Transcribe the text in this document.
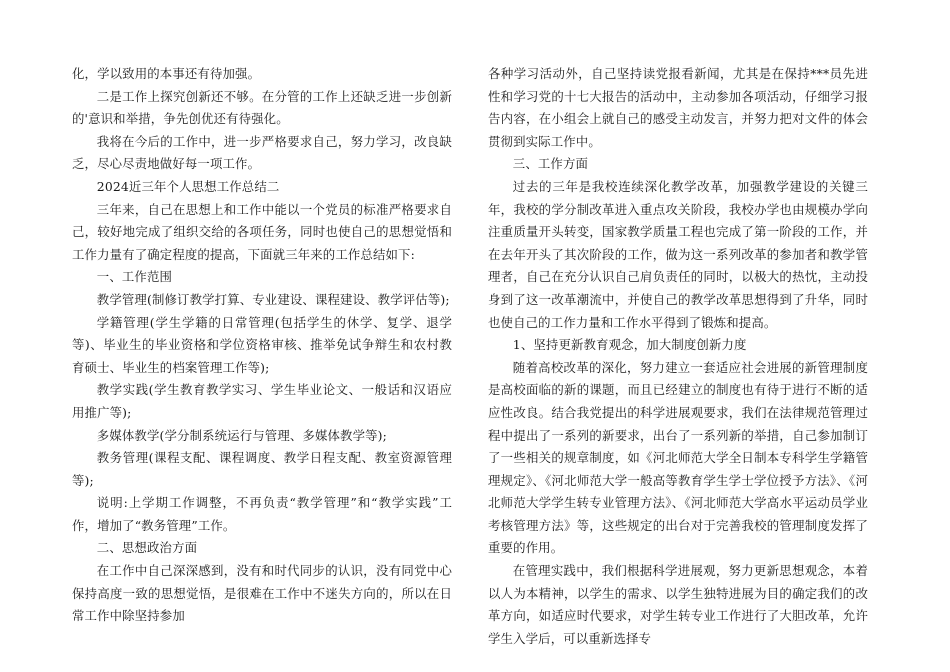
化，学以致用的本事还有待加强。

二是工作上探究创新还不够。在分管的工作上还缺乏进一步创新的'意识和举措，争先创优还有待强化。

我将在今后的工作中，进一步严格要求自己，努力学习，改良缺乏，尽心尽责地做好每一项工作。

2024近三年个人思想工作总结二

三年来，自己在思想上和工作中能以一个党员的标准严格要求自己，较好地完成了组织交给的各项任务，同时也使自己的思想觉悟和工作力量有了确定程度的提高，下面就三年来的工作总结如下:

一、工作范围

教学管理(制修订教学打算、专业建设、课程建设、教学评估等);

学籍管理(学生学籍的日常管理(包括学生的休学、复学、退学等)、毕业生的毕业资格和学位资格审核、推举免试争辩生和农村教育硕士、毕业生的档案管理工作等);

教学实践(学生教育教学实习、学生毕业论文、一般话和汉语应用推广等);

多媒体教学(学分制系统运行与管理、多媒体教学等);

教务管理(课程支配、课程调度、教学日程支配、教室资源管理等);

说明:上学期工作调整，不再负责“教学管理”和“教学实践”工作，增加了“教务管理”工作。

二、思想政治方面

在工作中自己深深感到，没有和时代同步的认识，没有同党中心保持高度一致的思想觉悟，是很难在工作中不迷失方向的，所以在日常工作中除坚持参加

各种学习活动外，自己坚持读党报看新闻，尤其是在保持***员先进性和学习党的十七大报告的活动中，主动参加各项活动，仔细学习报告内容，在小组会上就自己的感受主动发言，并努力把对文件的体会贯彻到实际工作中。

三、工作方面

过去的三年是我校连续深化教学改革，加强教学建设的关键三年，我校的学分制改革进入重点攻关阶段，我校办学也由规模办学向注重质量开头转变，国家教学质量工程也完成了第一阶段的工作，并在去年开头了其次阶段的工作，做为这一系列改革的参加者和教学管理者，自己在充分认识自己肩负责任的同时，以极大的热忱，主动投身到了这一改革潮流中，并使自己的教学改革思想得到了升华，同时也使自己的工作力量和工作水平得到了锻炼和提高。

1、坚持更新教育观念，加大制度创新力度

随着高校改革的深化，努力建立一套适应社会进展的新管理制度是高校面临的新的课题，而且已经建立的制度也有待于进行不断的适应性改良。结合我党提出的科学进展观要求，我们在法律规范管理过程中提出了一系列的新要求，出台了一系列新的举措，自己参加制订了一些相关的规章制度，如《河北师范大学全日制本专科学生学籍管理规定》、《河北师范大学一般高等教育学生学士学位授予方法》、《河北师范大学学生转专业管理方法》、《河北师范大学高水平运动员学业考核管理方法》等，这些规定的出台对于完善我校的管理制度发挥了重要的作用。

在管理实践中，我们根据科学进展观，努力更新思想观念，本着以人为本精神，以学生的需求、以学生独特进展为目的确定我们的改革方向，如适应时代要求，对学生转专业工作进行了大胆改革，允许学生入学后，可以重新选择专
